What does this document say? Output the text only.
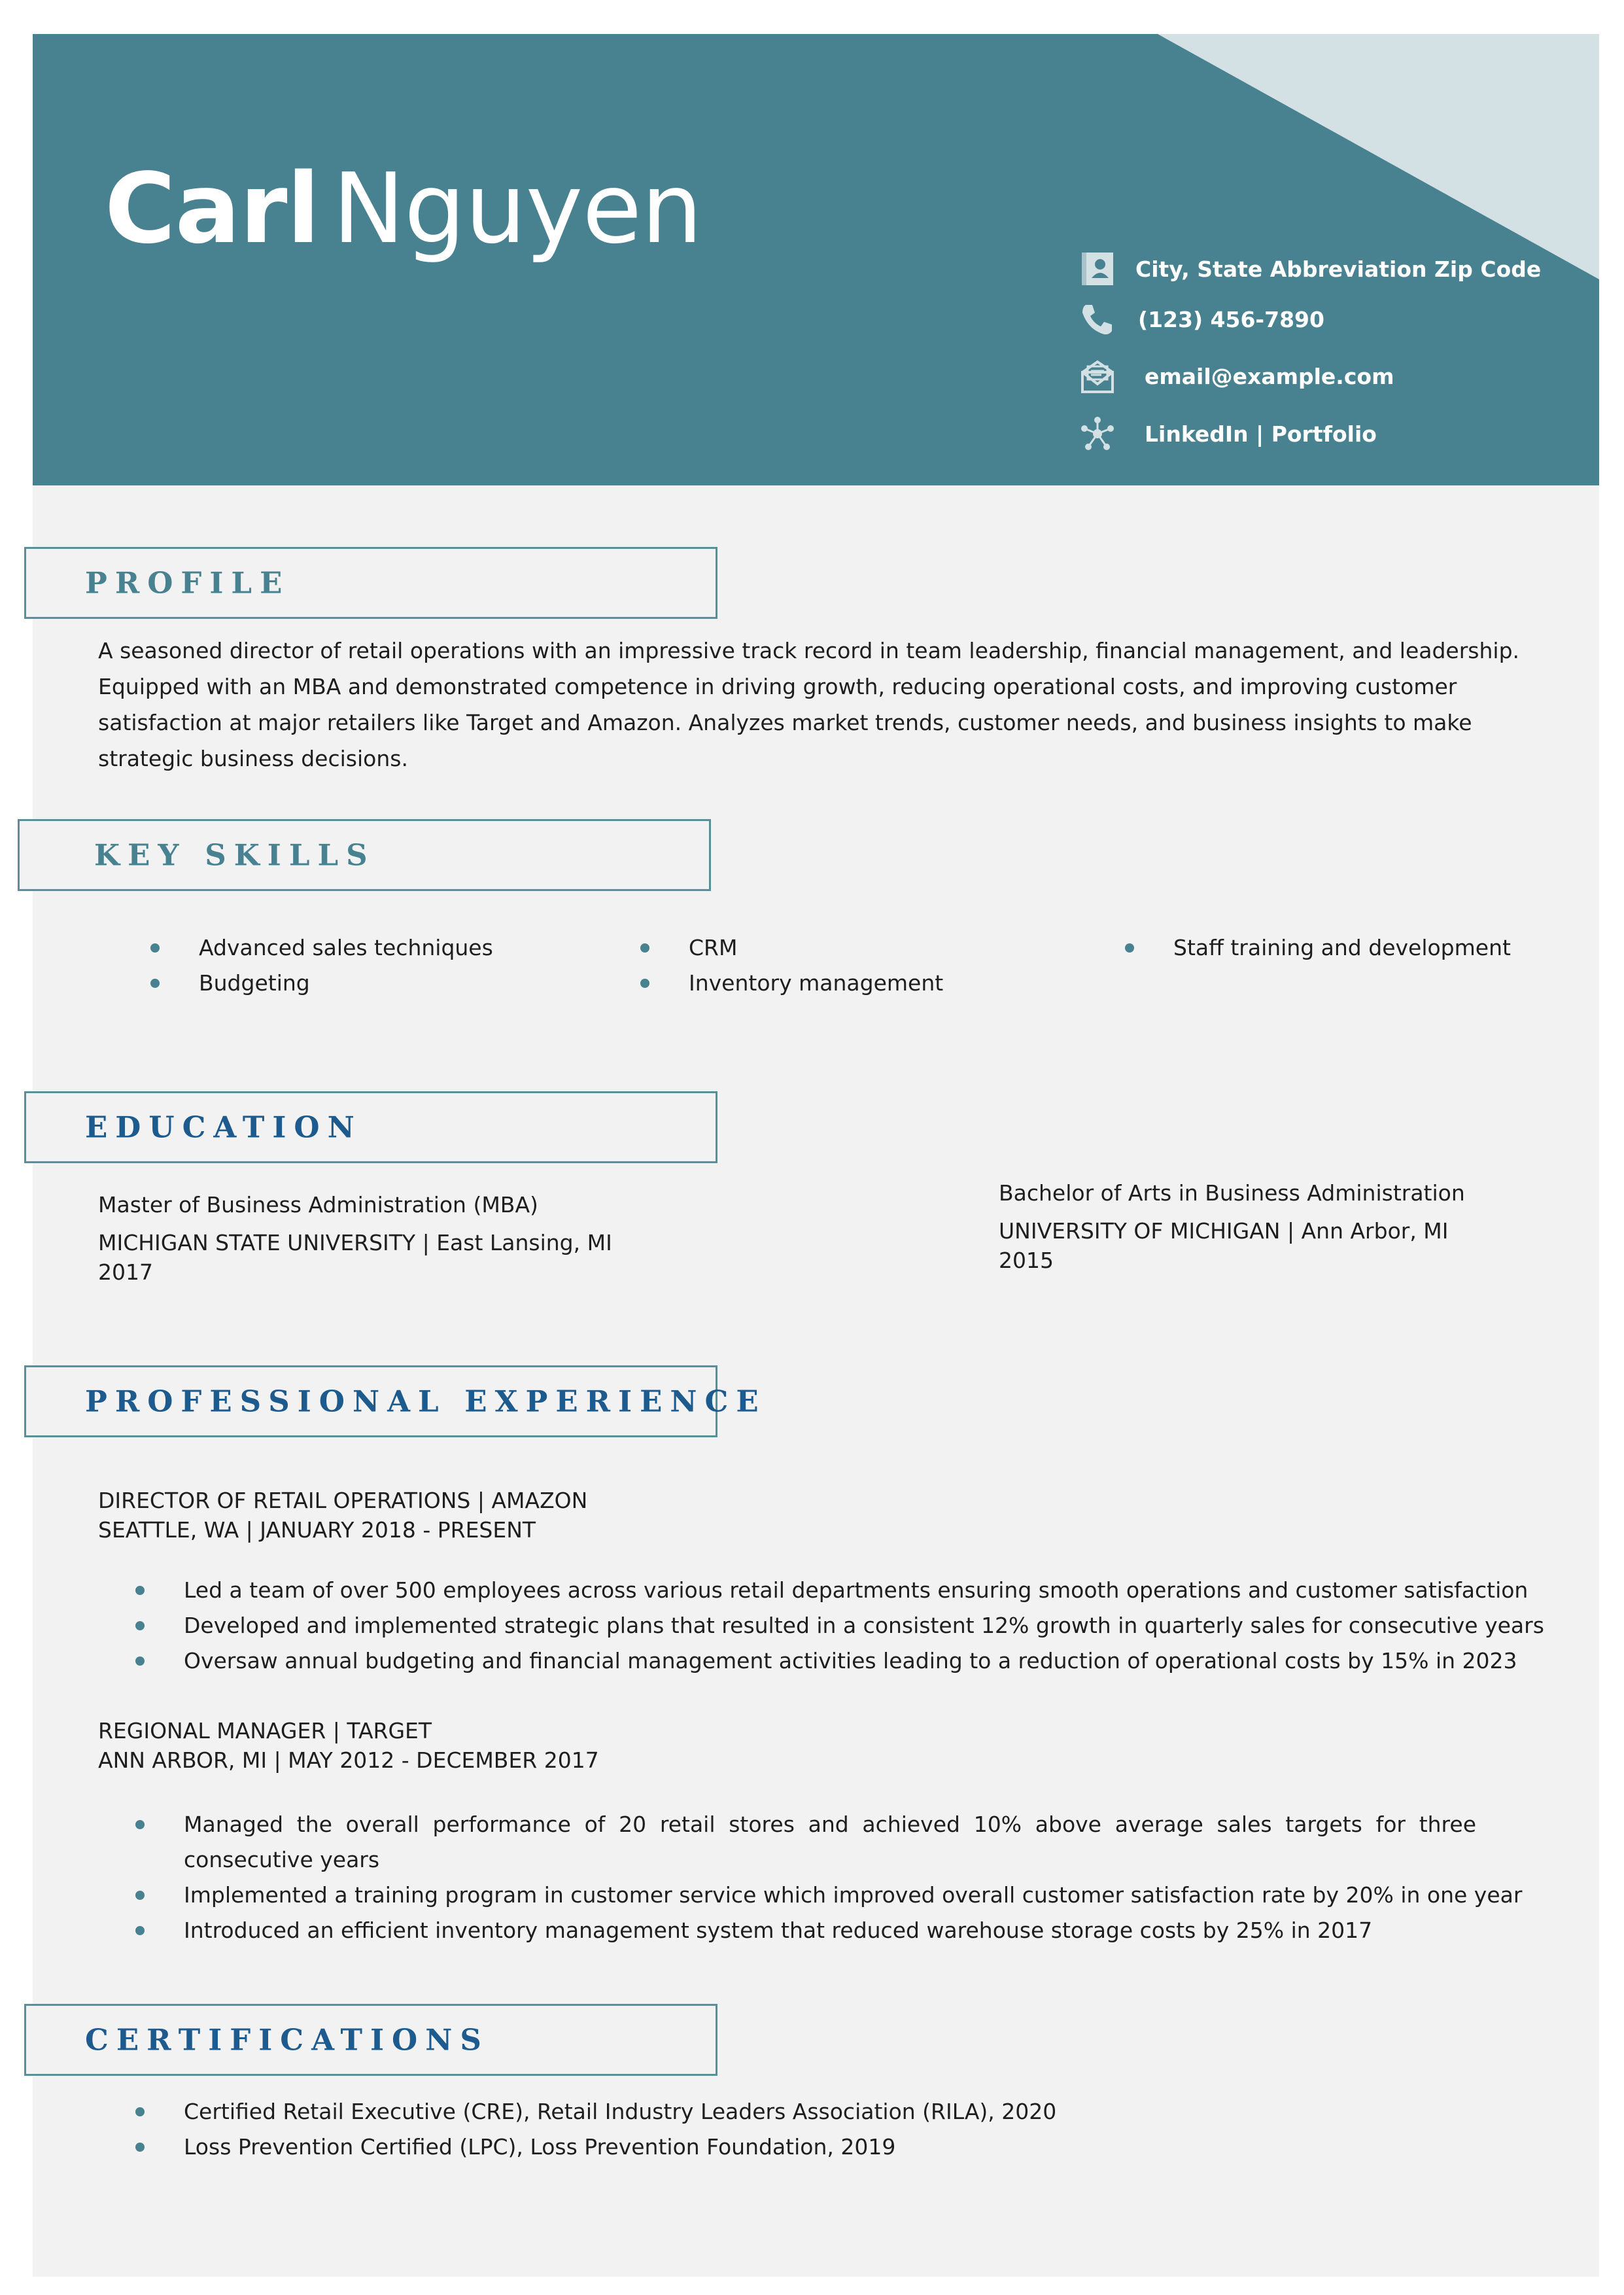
Carl Nguyen
City, State Abbreviation Zip Code
(123) 456-7890
email@example.com
LinkedIn | Portfolio
PROFILE

A seasoned director of retail operations with an impressive track record in team leadership, financial management, and leadership. Equipped with an MBA and demonstrated competence in driving growth, reducing operational costs, and improving customer satisfaction at major retailers like Target and Amazon. Analyzes market trends, customer needs, and business insights to make strategic business decisions.

KEY SKILLS
Advanced sales techniques
Budgeting
CRM
Inventory management
Staff training and development
EDUCATION

Master of Business Administration (MBA)

MICHIGAN STATE UNIVERSITY | East Lansing, MI

2017

Bachelor of Arts in Business Administration

UNIVERSITY OF MICHIGAN | Ann Arbor, MI

2015

PROFESSIONAL EXPERIENCE

DIRECTOR OF RETAIL OPERATIONS | AMAZON

SEATTLE, WA | JANUARY 2018 - PRESENT

Led a team of over 500 employees across various retail departments ensuring smooth operations and customer satisfaction
Developed and implemented strategic plans that resulted in a consistent 12% growth in quarterly sales for consecutive years
Oversaw annual budgeting and financial management activities leading to a reduction of operational costs by 15% in 2023

REGIONAL MANAGER | TARGET

ANN ARBOR, MI | MAY 2012 - DECEMBER 2017

Managed the overall performance of 20 retail stores and achieved 10% above average sales targets for three consecutive years
Implemented a training program in customer service which improved overall customer satisfaction rate by 20% in one year
Introduced an efficient inventory management system that reduced warehouse storage costs by 25% in 2017
CERTIFICATIONS
Certified Retail Executive (CRE), Retail Industry Leaders Association (RILA), 2020
Loss Prevention Certified (LPC), Loss Prevention Foundation, 2019
